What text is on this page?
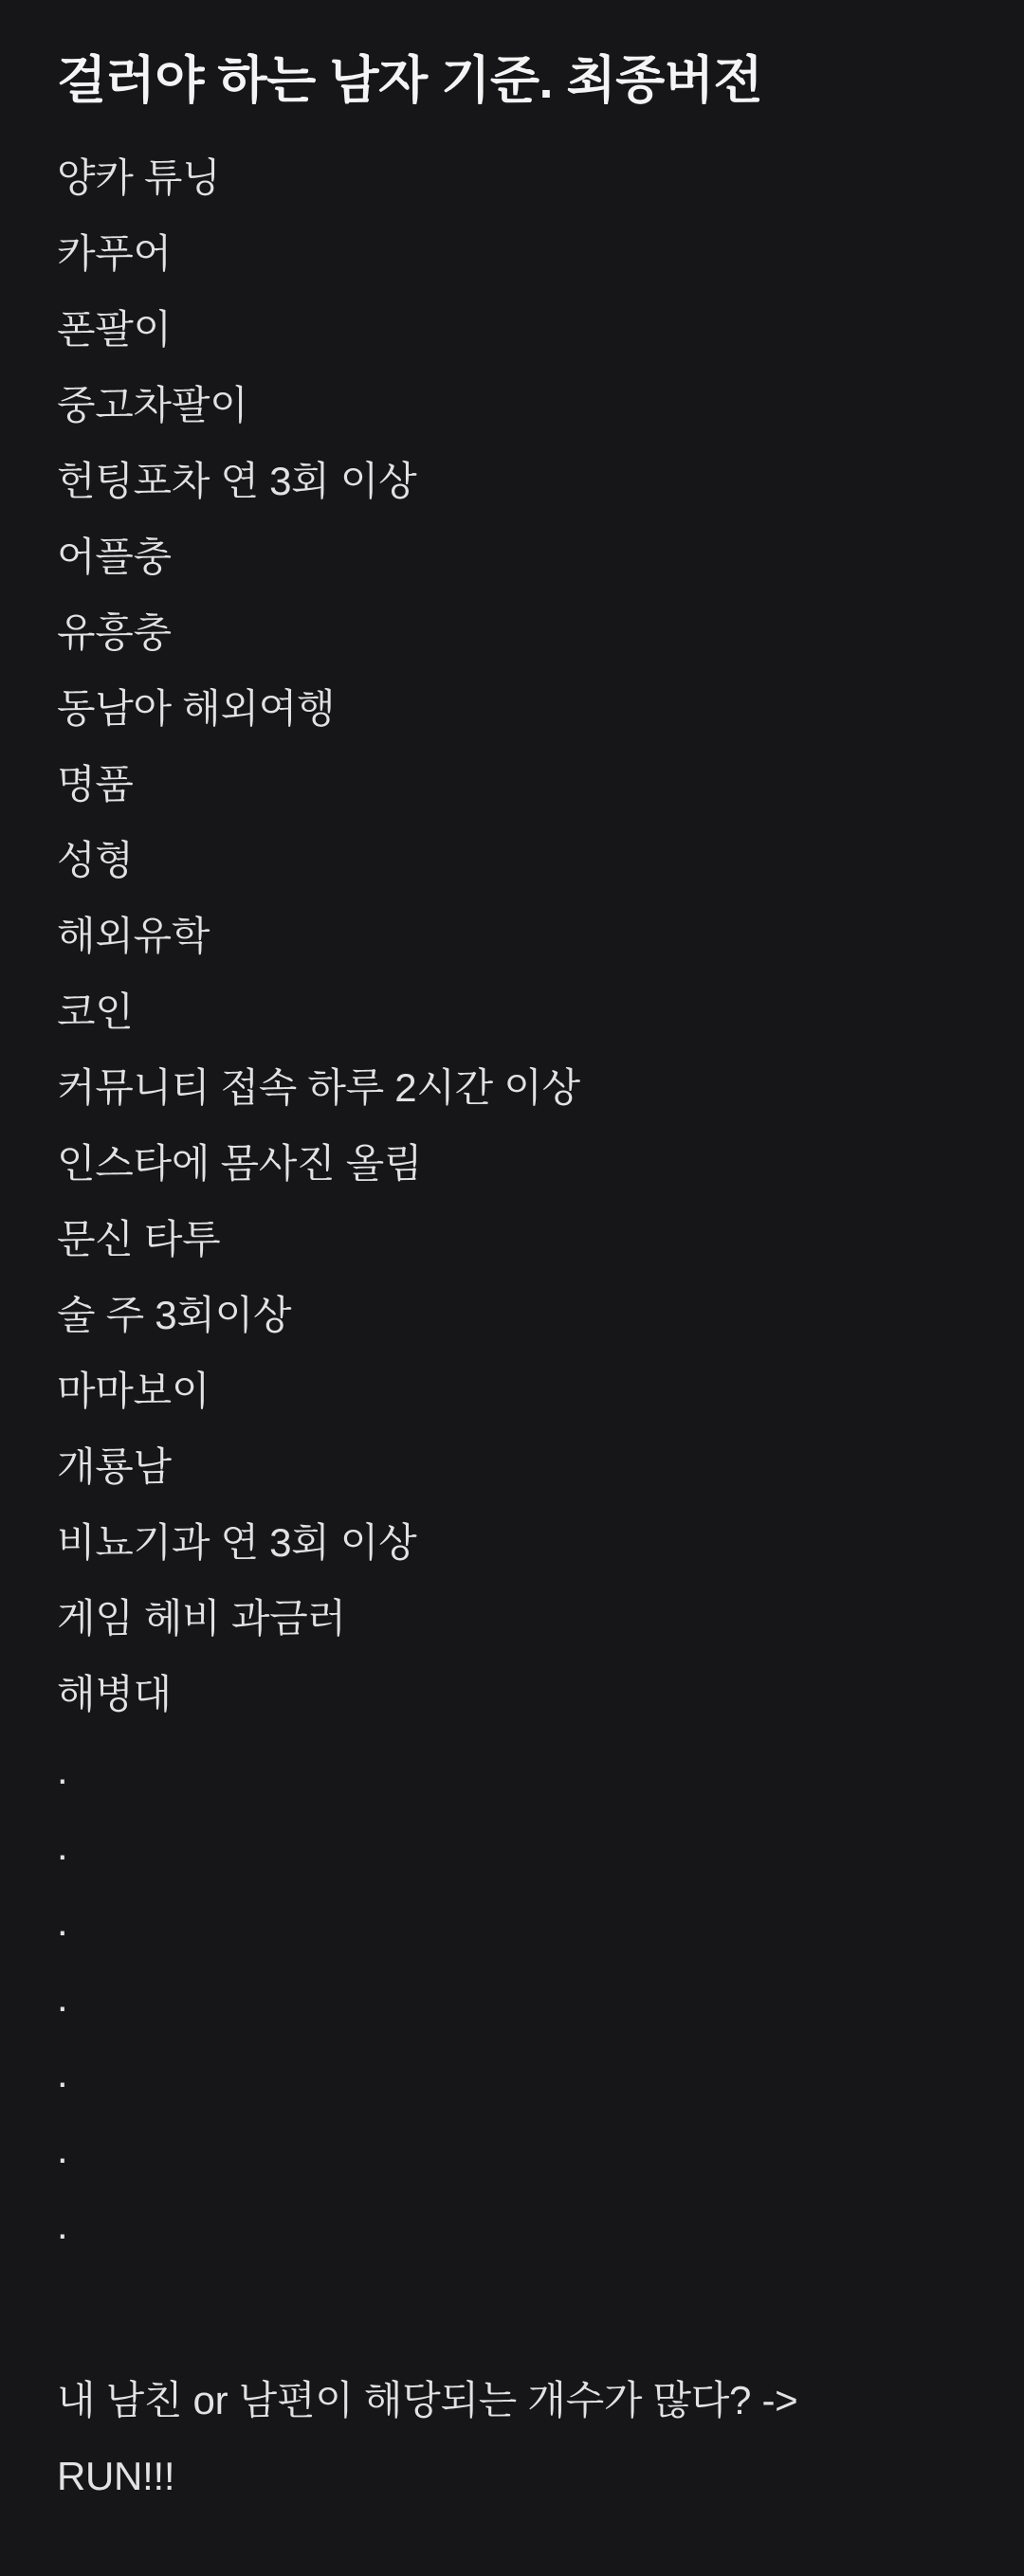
걸러야 하는 남자 기준. 최종버전
양카 튜닝
카푸어
폰팔이
중고차팔이
헌팅포차 연 3회 이상
어플충
유흥충
동남아 해외여행
명품
성형
해외유학
코인
커뮤니티 접속 하루 2시간 이상
인스타에 몸사진 올림
문신 타투
술 주 3회이상
마마보이
개룡남
비뇨기과 연 3회 이상
게임 헤비 과금러
해병대
.
.
.
.
.
.
.

내 남친 or 남편이 해당되는 개수가 많다? ->

RUN!!!
